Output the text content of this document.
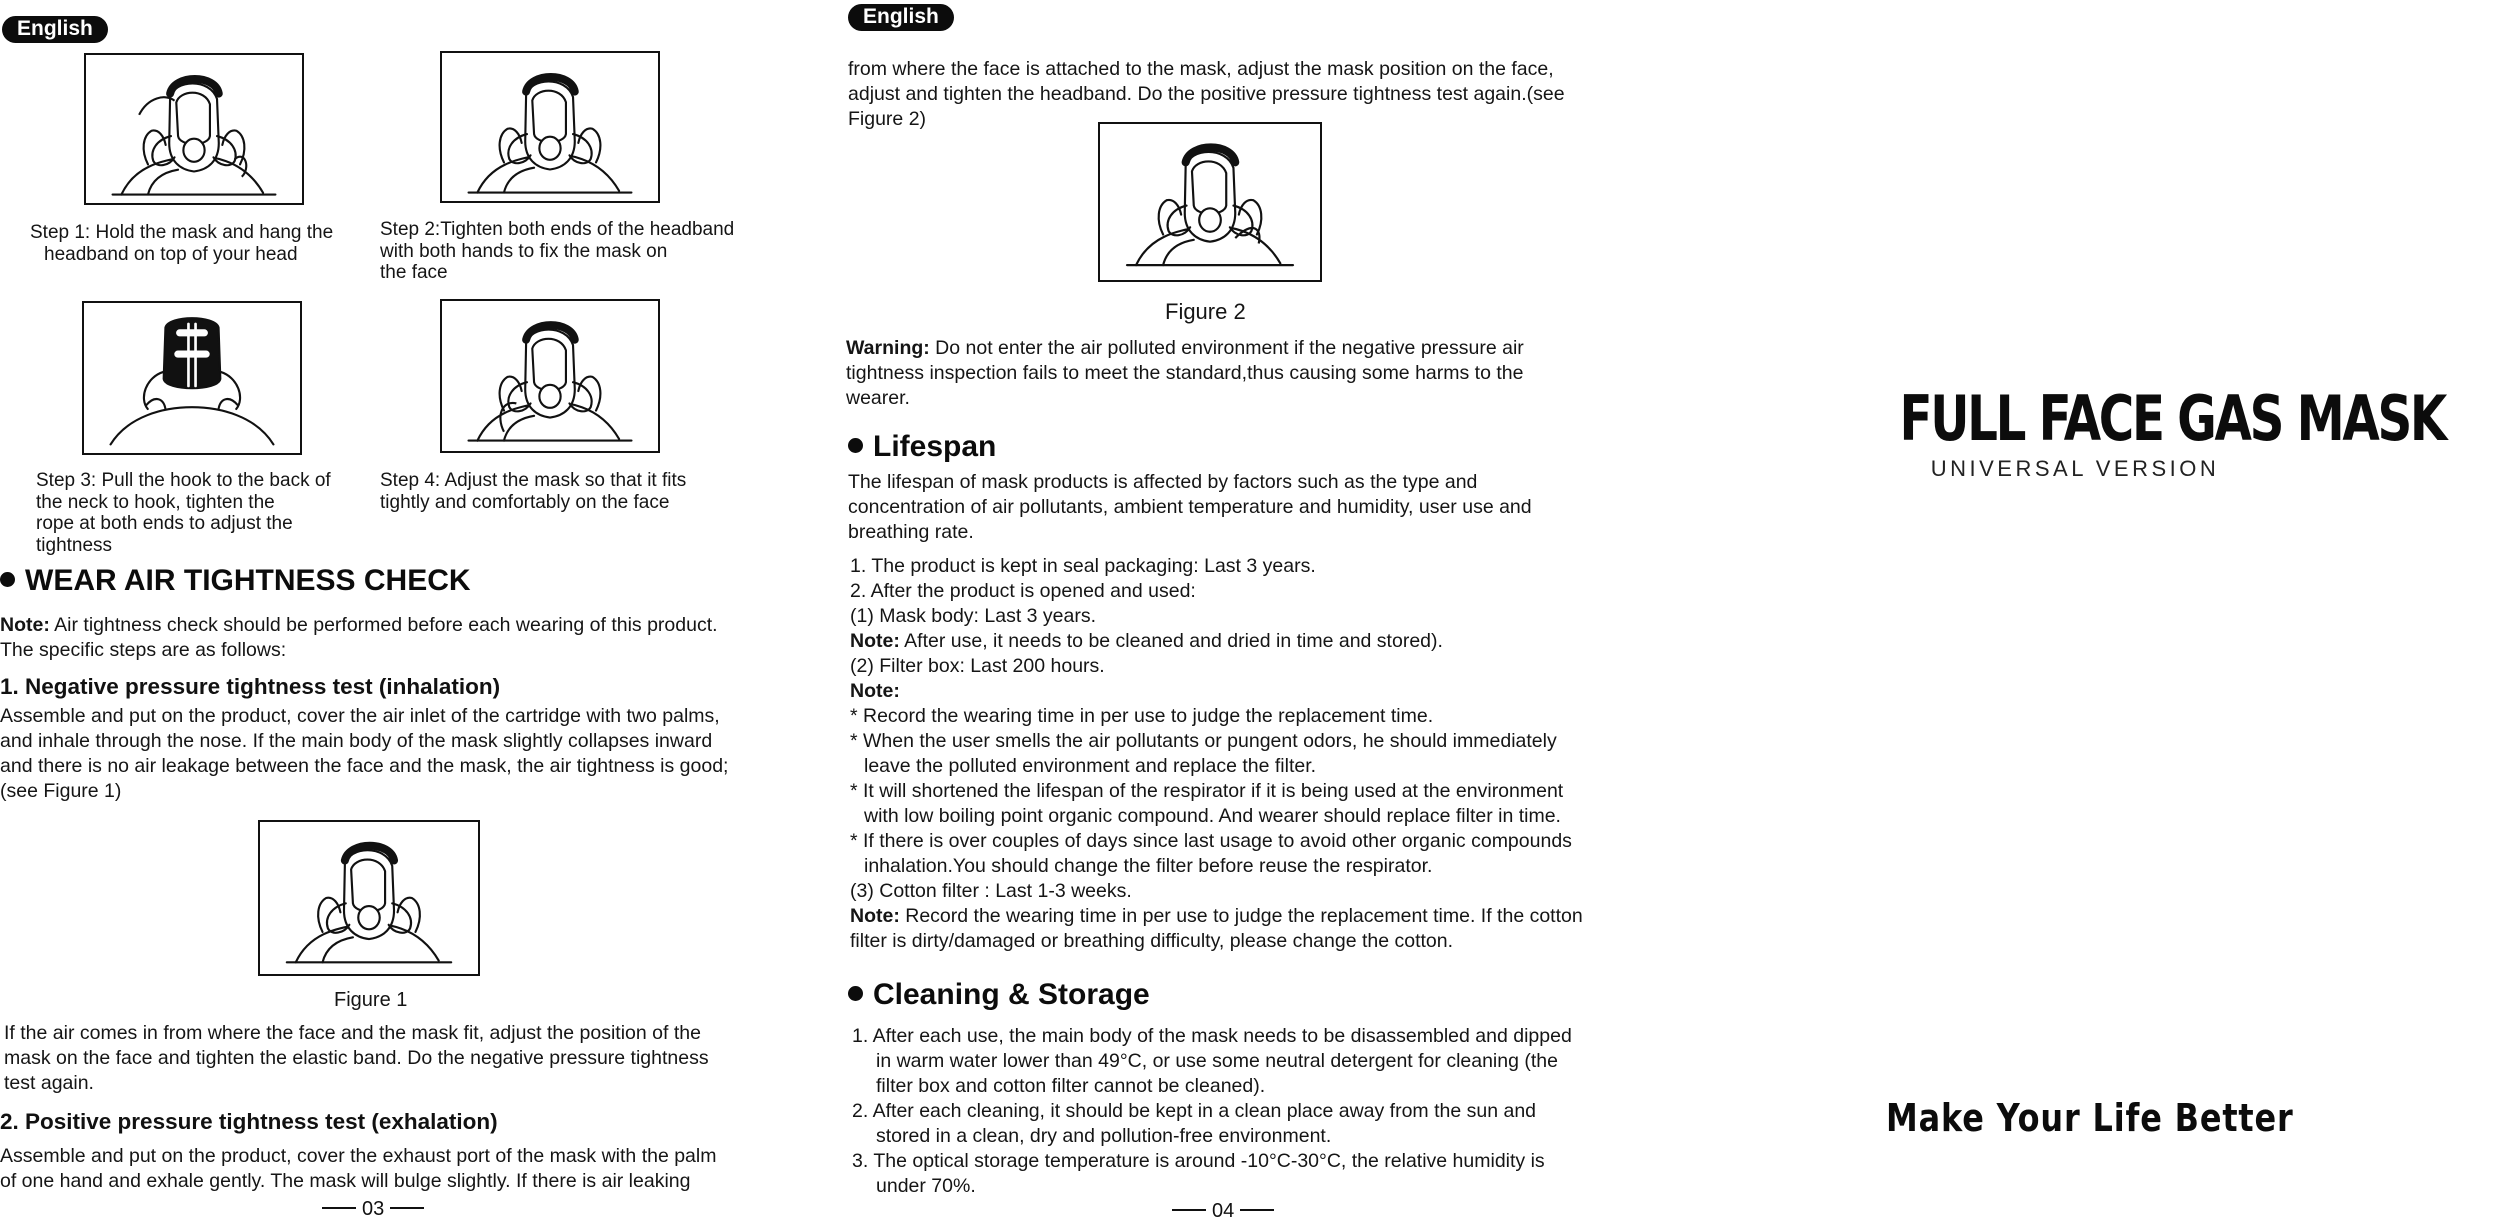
English
Step 1: Hold the mask and hang the
headband on top of your head
Step 2:Tighten both ends of the headband
with both hands to fix the mask on
the face
Step 3: Pull the hook to the back of
the neck to hook, tighten the
rope at both ends to adjust the
tightness
Step 4: Adjust the mask so that it fits
tightly and comfortably on the face
WEAR AIR TIGHTNESS CHECK
Note: Air tightness check should be performed before each wearing of this product.
The specific steps are as follows:
1. Negative pressure tightness test (inhalation)
Assemble and put on the product, cover the air inlet of the cartridge with two palms,
and inhale through the nose. If the main body of the mask slightly collapses inward
and there is no air leakage between the face and the mask, the air tightness is good;
(see Figure 1)
Figure 1
If the air comes in from where the face and the mask fit, adjust the position of the
mask on the face and tighten the elastic band. Do the negative pressure tightness
test again.
2. Positive pressure tightness test (exhalation)
Assemble and put on the product, cover the exhaust port of the mask with the palm
of one hand and exhale gently. The mask will bulge slightly. If there is air leaking
03
English
from where the face is attached to the mask, adjust the mask position on the face,
adjust and tighten the headband. Do the positive pressure tightness test again.(see
Figure 2)
Figure 2
Warning: Do not enter the air polluted environment if the negative pressure air
tightness inspection fails to meet the standard,thus causing some harms to the
wearer.
Lifespan
The lifespan of mask products is affected by factors such as the type and
concentration of air pollutants, ambient temperature and humidity, user use and
breathing rate.
1. The product is kept in seal packaging: Last 3 years.
2. After the product is opened and used:
(1) Mask body: Last 3 years.
Note: After use, it needs to be cleaned and dried in time and stored).
(2) Filter box: Last 200 hours.
Note:
* Record the wearing time in per use to judge the replacement time.
* When the user smells the air pollutants or pungent odors, he should immediately
leave the polluted environment and replace the filter.
* It will shortened the lifespan of the respirator if it is being used at the environment
with low boiling point organic compound. And wearer should replace filter in time.
* If there is over couples of days since last usage to avoid other organic compounds
inhalation.You should change the filter before reuse the respirator.
(3) Cotton filter : Last 1-3 weeks.
Note: Record the wearing time in per use to judge the replacement time. If the cotton
filter is dirty/damaged or breathing difficulty, please change the cotton.
Cleaning & Storage
1. After each use, the main body of the mask needs to be disassembled and dipped
in warm water lower than 49°C, or use some neutral detergent for cleaning (the
filter box and cotton filter cannot be cleaned).
2. After each cleaning, it should be kept in a clean place away from the sun and
stored in a clean, dry and pollution-free environment.
3. The optical storage temperature is around -10°C-30°C, the relative humidity is
under 70%.
04
FULL FACE GAS MASK
UNIVERSAL VERSION
Make Your Life Better
